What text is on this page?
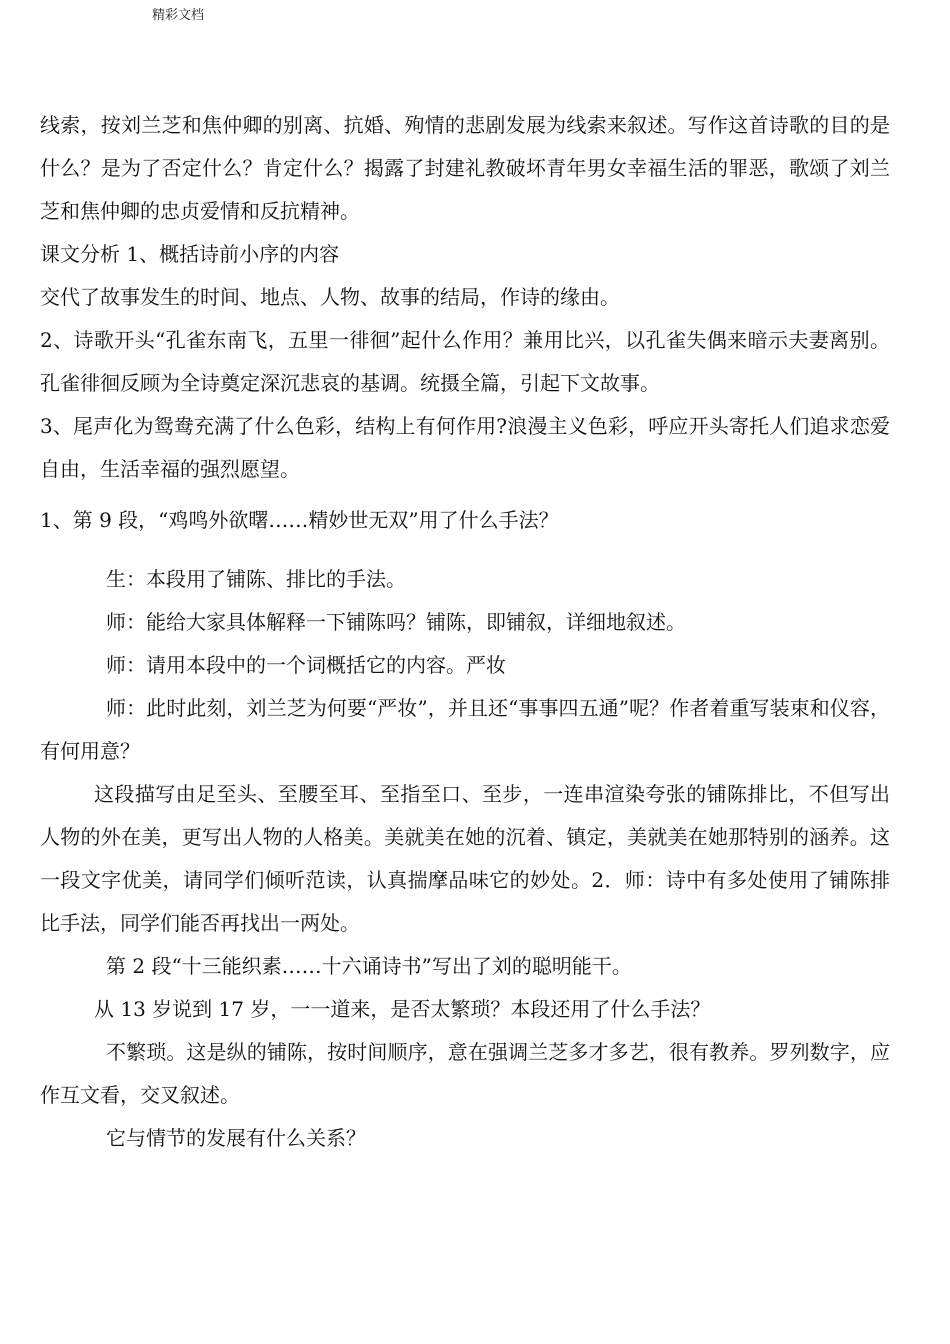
精彩文档

线索，按刘兰芝和焦仲卿的别离、抗婚、殉情的悲剧发展为线索来叙述。写作这首诗歌的目的是什么？是为了否定什么？肯定什么？揭露了封建礼教破坏青年男女幸福生活的罪恶，歌颂了刘兰芝和焦仲卿的忠贞爱情和反抗精神。

课文分析 1、概括诗前小序的内容

交代了故事发生的时间、地点、人物、故事的结局，作诗的缘由。

2、诗歌开头“孔雀东南飞，五里一徘徊”起什么作用？兼用比兴，以孔雀失偶来暗示夫妻离别。孔雀徘徊反顾为全诗奠定深沉悲哀的基调。统摄全篇，引起下文故事。

3、尾声化为鸳鸯充满了什么色彩，结构上有何作用?浪漫主义色彩，呼应开头寄托人们追求恋爱自由，生活幸福的强烈愿望。

1、第 9 段，“鸡鸣外欲曙……精妙世无双”用了什么手法？

生：本段用了铺陈、排比的手法。

师：能给大家具体解释一下铺陈吗？铺陈，即铺叙，详细地叙述。

师：请用本段中的一个词概括它的内容。严妆

师：此时此刻，刘兰芝为何要“严妆”，并且还“事事四五通”呢？作者着重写装束和仪容，有何用意？

这段描写由足至头、至腰至耳、至指至口、至步，一连串渲染夸张的铺陈排比，不但写出人物的外在美，更写出人物的人格美。美就美在她的沉着、镇定，美就美在她那特别的涵养。这一段文字优美，请同学们倾听范读，认真揣摩品味它的妙处。2．师：诗中有多处使用了铺陈排比手法，同学们能否再找出一两处。

第 2 段“十三能织素……十六诵诗书”写出了刘的聪明能干。

从 13 岁说到 17 岁，一一道来，是否太繁琐？本段还用了什么手法？

不繁琐。这是纵的铺陈，按时间顺序，意在强调兰芝多才多艺，很有教养。罗列数字，应作互文看，交叉叙述。

它与情节的发展有什么关系？
